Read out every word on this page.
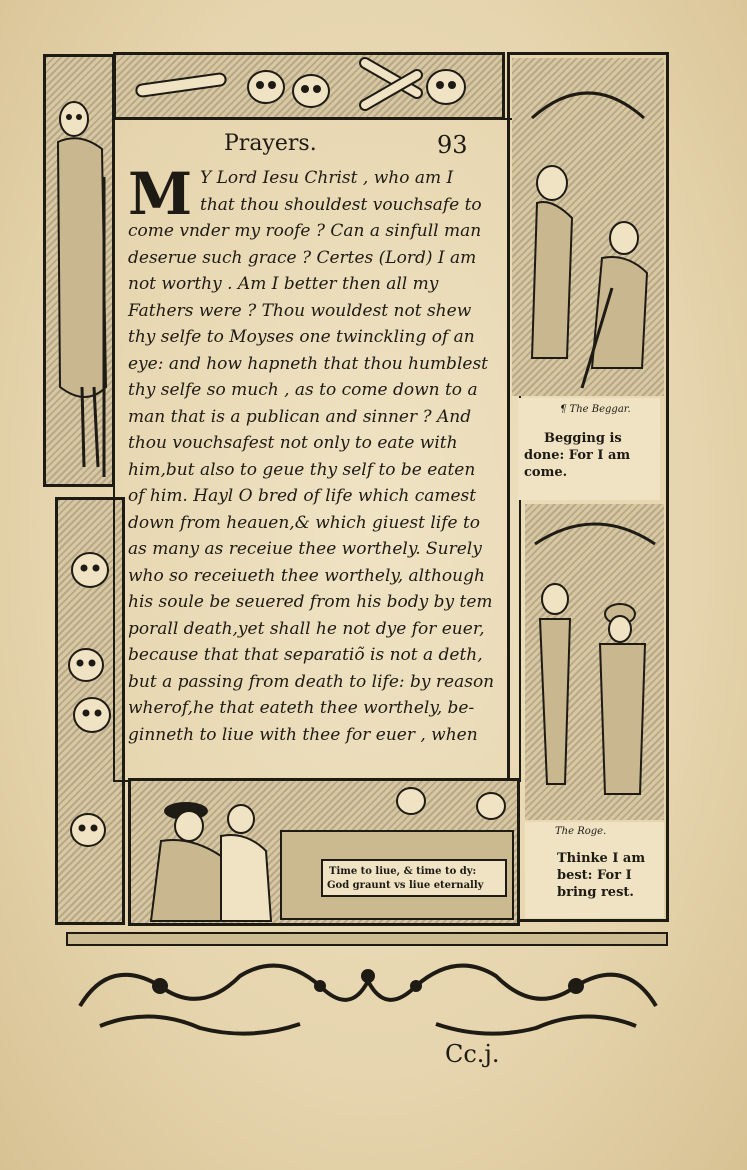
Prayers.	93
M Y Lord Iesu Christ , who am I
that thou shouldest vouchsafe to
come vnder my roofe ? Can a sinfull man
deserue such grace ? Certes (Lord) I am
not worthy . Am I better then all my
Fathers were ? Thou wouldest not shew
thy selfe to Moyses one twinckling of an
eye: and how hapneth that thou humblest
thy selfe so much , as to come down to a
man that is a publican and sinner ? And
thou vouchsafest not only to eate with
him,but also to geue thy self to be eaten
of him. Hayl O bred of life which camest
down from heauen,& which giuest life to
as many as receiue thee worthely. Surely
who so receiueth thee worthely, although
his soule be seuered from his body by tem
porall death,yet shall he not dye for euer,
because that that separatiõ is not a deth,
but a passing from death to life: by reason
wherof,he that eateth thee worthely, be-
ginneth to liue with thee for euer , when
¶ The Beggar.
Begging is
done: For I am
come.
The Roge.
Thinke I am
best: For I
bring rest.
Time to liue, & time to dy:
God graunt vs liue eternally
Cc.j.
